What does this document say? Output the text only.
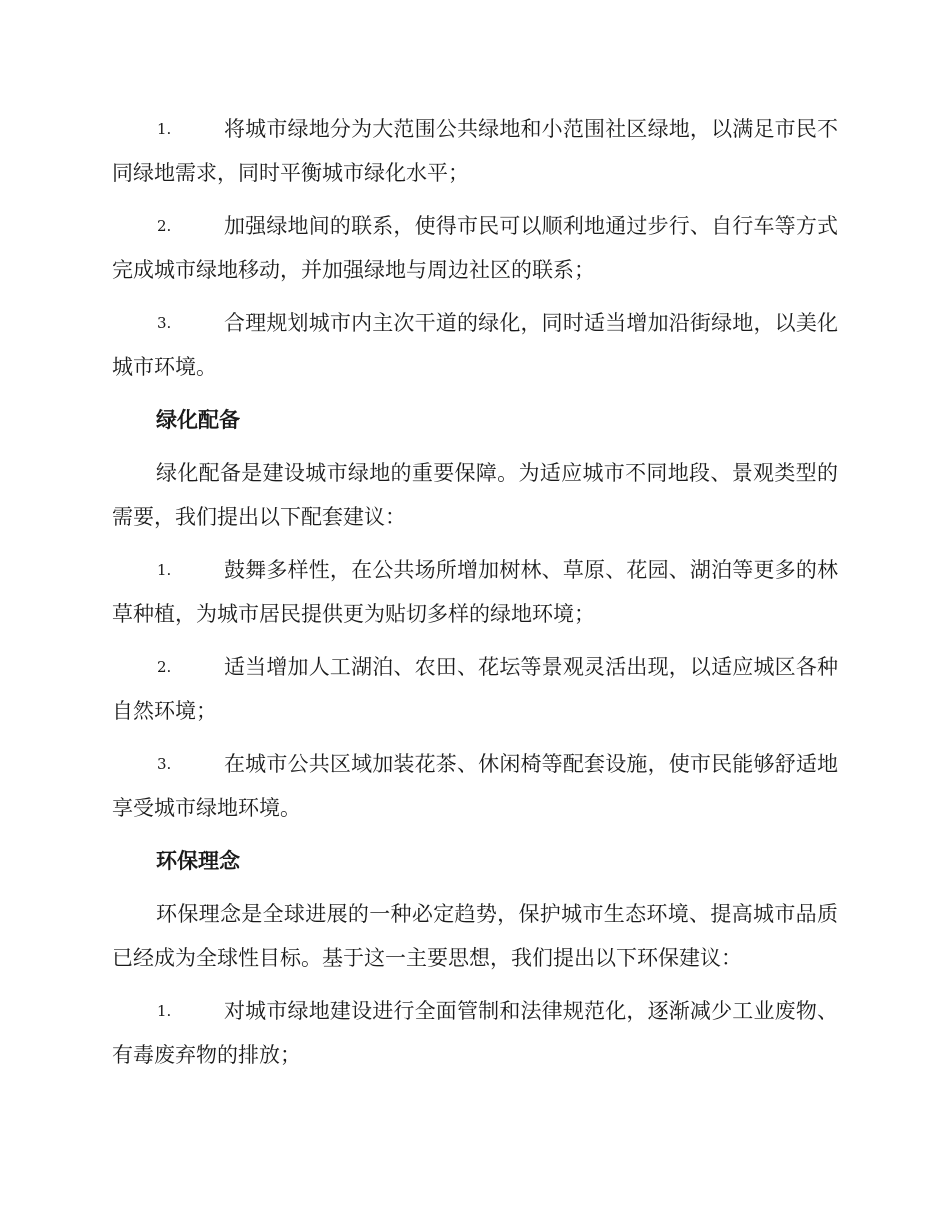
1.	将城市绿地分为大范围公共绿地和小范围社区绿地，以满足市民不同绿地需求，同时平衡城市绿化水平；
2.	加强绿地间的联系，使得市民可以顺利地通过步行、自行车等方式完成城市绿地移动，并加强绿地与周边社区的联系；
3.	合理规划城市内主次干道的绿化，同时适当增加沿街绿地，以美化城市环境。
绿化配备
绿化配备是建设城市绿地的重要保障。为适应城市不同地段、景观类型的需要，我们提出以下配套建议：
1.	鼓舞多样性，在公共场所增加树林、草原、花园、湖泊等更多的林草种植，为城市居民提供更为贴切多样的绿地环境；
2.	适当增加人工湖泊、农田、花坛等景观灵活出现，以适应城区各种自然环境；
3.	在城市公共区域加装花茶、休闲椅等配套设施，使市民能够舒适地享受城市绿地环境。
环保理念
环保理念是全球进展的一种必定趋势，保护城市生态环境、提高城市品质已经成为全球性目标。基于这一主要思想，我们提出以下环保建议：
1.	对城市绿地建设进行全面管制和法律规范化，逐渐减少工业废物、有毒废弃物的排放；
